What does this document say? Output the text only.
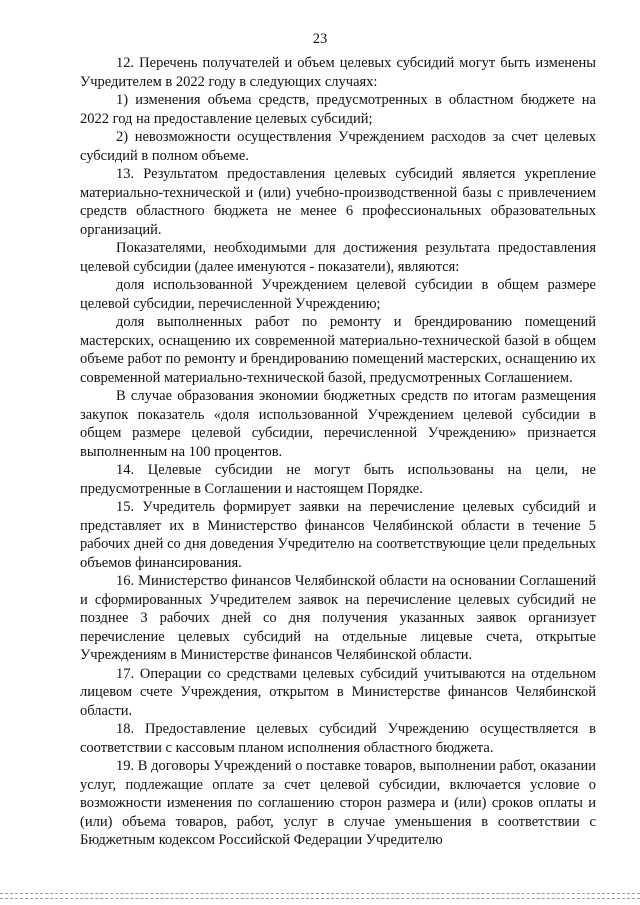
23

12. Перечень получателей и объем целевых субсидий могут быть изменены Учредителем в 2022 году в следующих случаях:

1) изменения объема средств, предусмотренных в областном бюджете на 2022 год на предоставление целевых субсидий;

2) невозможности осуществления Учреждением расходов за счет целевых субсидий в полном объеме.

13. Результатом предоставления целевых субсидий является укрепление материально-технической и (или) учебно-производственной базы с привлечением средств областного бюджета не менее 6 профессиональных образовательных организаций.

Показателями, необходимыми для достижения результата предоставления целевой субсидии (далее именуются - показатели), являются:

доля использованной Учреждением целевой субсидии в общем размере целевой субсидии, перечисленной Учреждению;

доля выполненных работ по ремонту и брендированию помещений мастерских, оснащению их современной материально-технической базой в общем объеме работ по ремонту и брендированию помещений мастерских, оснащению их современной материально-технической базой, предусмотренных Соглашением.

В случае образования экономии бюджетных средств по итогам размещения закупок показатель «доля использованной Учреждением целевой субсидии в общем размере целевой субсидии, перечисленной Учреждению» признается выполненным на 100 процентов.

14. Целевые субсидии не могут быть использованы на цели, не предусмотренные в Соглашении и настоящем Порядке.

15. Учредитель формирует заявки на перечисление целевых субсидий и представляет их в Министерство финансов Челябинской области в течение 5 рабочих дней со дня доведения Учредителю на соответствующие цели предельных объемов финансирования.

16. Министерство финансов Челябинской области на основании Соглашений и сформированных Учредителем заявок на перечисление целевых субсидий не позднее 3 рабочих дней со дня получения указанных заявок организует перечисление целевых субсидий на отдельные лицевые счета, открытые Учреждениям в Министерстве финансов Челябинской области.

17. Операции со средствами целевых субсидий учитываются на отдельном лицевом счете Учреждения, открытом в Министерстве финансов Челябинской области.

18. Предоставление целевых субсидий Учреждению осуществляется в соответствии с кассовым планом исполнения областного бюджета.

19. В договоры Учреждений о поставке товаров, выполнении работ, оказании услуг, подлежащие оплате за счет целевой субсидии, включается условие о возможности изменения по соглашению сторон размера и (или) сроков оплаты и (или) объема товаров, работ, услуг в случае уменьшения в соответствии с Бюджетным кодексом Российской Федерации Учредителю
